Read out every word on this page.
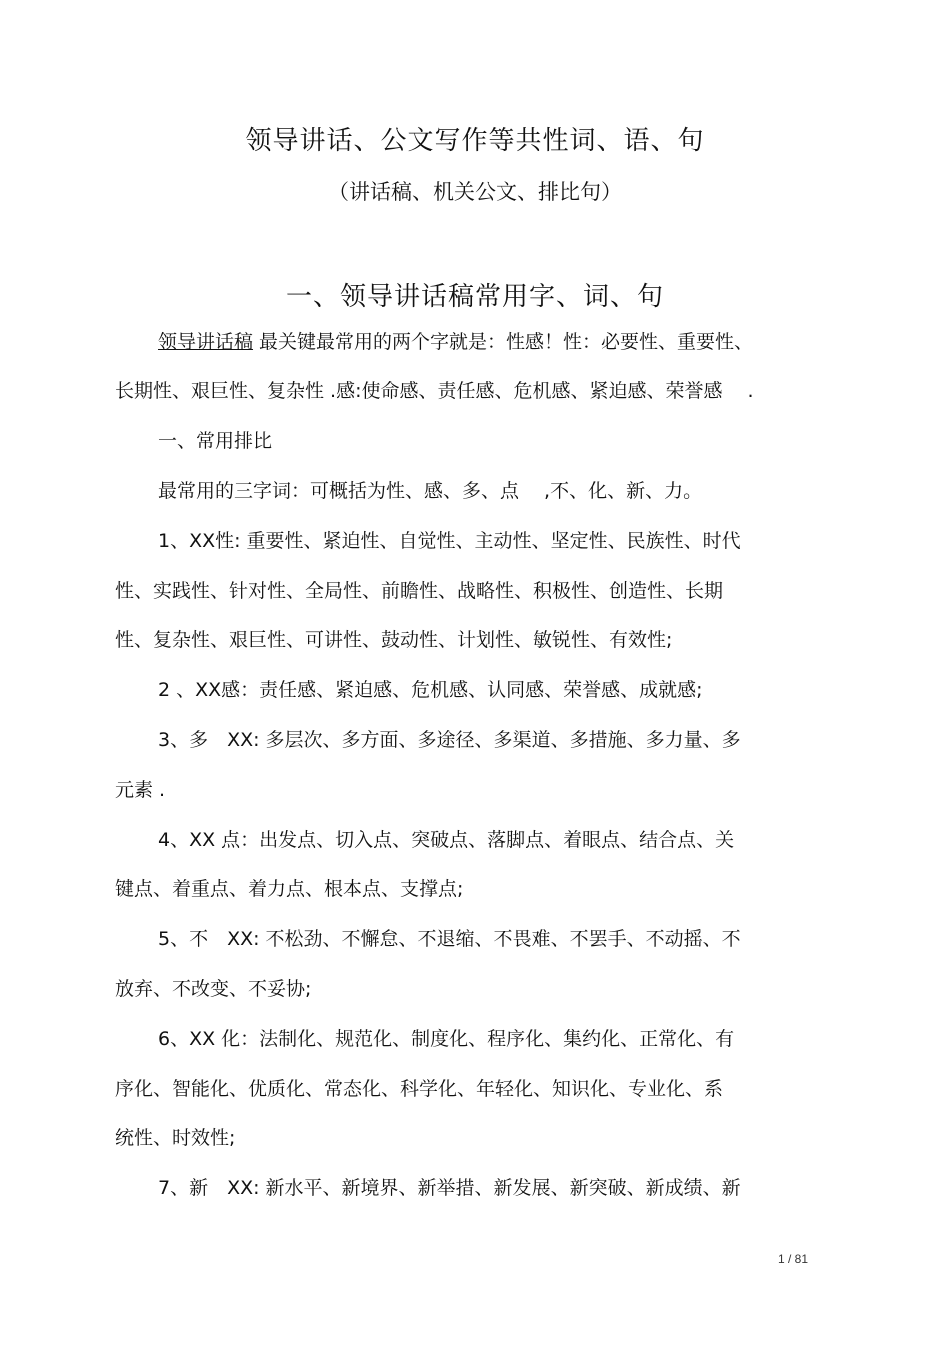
领导讲话、公文写作等共性词、语、句
（讲话稿、机关公文、排比句）
一、领导讲话稿常用字、词、句
领导讲话稿 最关键最常用的两个字就是：性感！性：必要性、重要性、
长期性、艰巨性、复杂性 .感:使命感、责任感、危机感、紧迫感、荣誉感　 .
一、常用排比
最常用的三字词：可概括为性、感、多、点　 ,不、化、新、力。
1、XX性: 重要性、紧迫性、自觉性、主动性、坚定性、民族性、时代
性、实践性、针对性、全局性、前瞻性、战略性、积极性、创造性、长期
性、复杂性、艰巨性、可讲性、鼓动性、计划性、敏锐性、有效性;
2 、XX感：责任感、紧迫感、危机感、认同感、荣誉感、成就感;
3、多　XX: 多层次、多方面、多途径、多渠道、多措施、多力量、多
元素 .
4、XX 点：出发点、切入点、突破点、落脚点、着眼点、结合点、关
键点、着重点、着力点、根本点、支撑点;
5、不　XX: 不松劲、不懈怠、不退缩、不畏难、不罢手、不动摇、不
放弃、不改变、不妥协;
6、XX 化：法制化、规范化、制度化、程序化、集约化、正常化、有
序化、智能化、优质化、常态化、科学化、年轻化、知识化、专业化、系
统性、时效性;
7、新　XX: 新水平、新境界、新举措、新发展、新突破、新成绩、新
1 / 81
